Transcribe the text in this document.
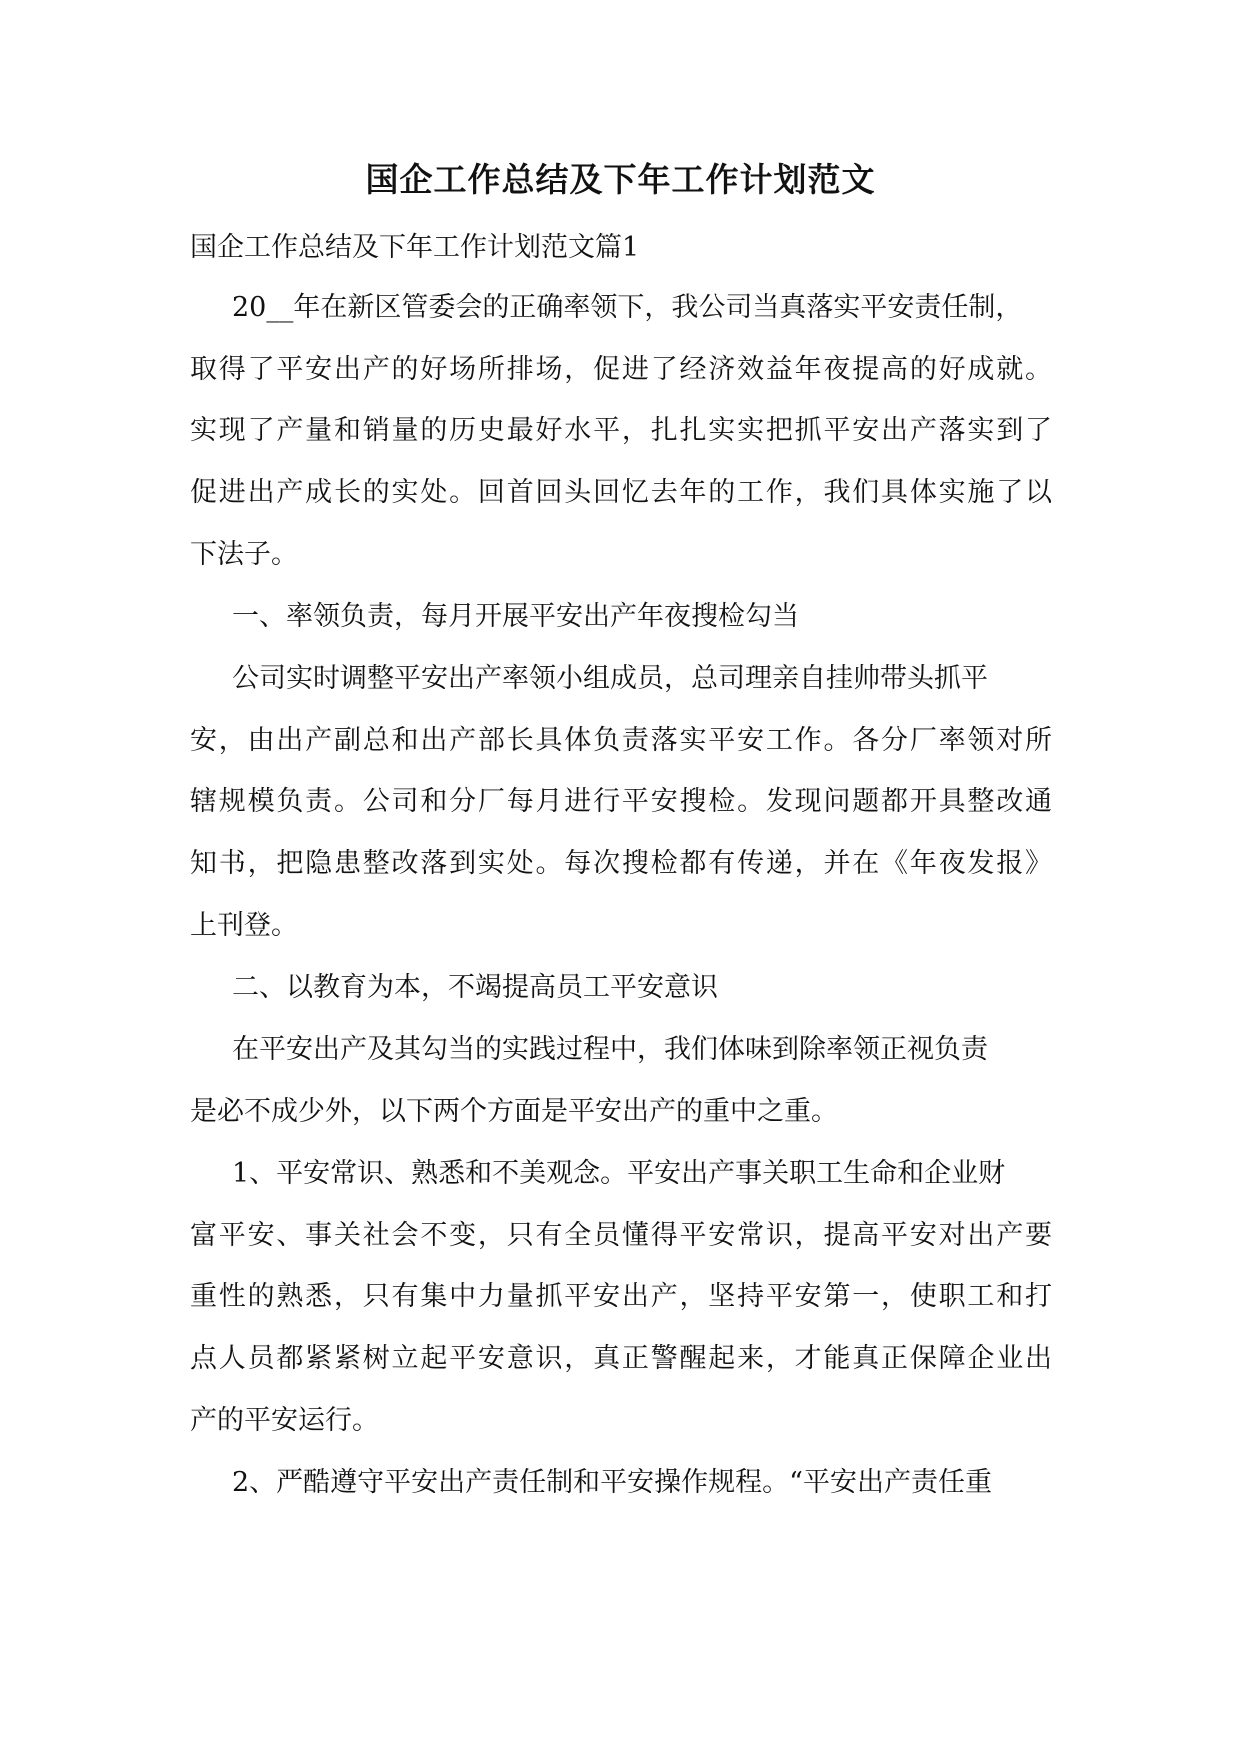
国企工作总结及下年工作计划范文
国企工作总结及下年工作计划范文篇1
20__年在新区管委会的正确率领下，我公司当真落实平安责任制，
取得了平安出产的好场所排场，促进了经济效益年夜提高的好成就。
实现了产量和销量的历史最好水平，扎扎实实把抓平安出产落实到了
促进出产成长的实处。回首回头回忆去年的工作，我们具体实施了以
下法子。
一、率领负责，每月开展平安出产年夜搜检勾当
公司实时调整平安出产率领小组成员，总司理亲自挂帅带头抓平
安，由出产副总和出产部长具体负责落实平安工作。各分厂率领对所
辖规模负责。公司和分厂每月进行平安搜检。发现问题都开具整改通
知书，把隐患整改落到实处。每次搜检都有传递，并在《年夜发报》
上刊登。
二、以教育为本，不竭提高员工平安意识
在平安出产及其勾当的实践过程中，我们体味到除率领正视负责
是必不成少外，以下两个方面是平安出产的重中之重。
1、平安常识、熟悉和不美观念。平安出产事关职工生命和企业财
富平安、事关社会不变，只有全员懂得平安常识，提高平安对出产要
重性的熟悉，只有集中力量抓平安出产，坚持平安第一，使职工和打
点人员都紧紧树立起平安意识，真正警醒起来，才能真正保障企业出
产的平安运行。
2、严酷遵守平安出产责任制和平安操作规程。“平安出产责任重
